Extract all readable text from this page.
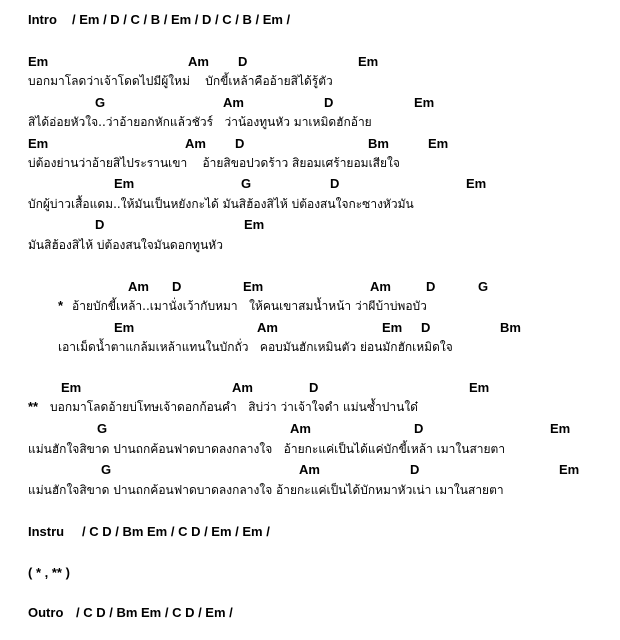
Intro / Em / D / C / B / Em / D / C / B / Em /
Em	Am D	Em
บอกมาโลดว่าเจ้าโดดไปมีผู้ใหม่    บักขี้เหล้าคืออ้ายสิได้รู้ตัว
G	Am	D	Em
สิได้อ่อยหัวใจ..ว่าอ้ายอกหักแล้วชัวร์   ว่าน้องทูนหัว มาเหมิดฮักอ้าย
Em	Am D	Bm	Em
บ่ต้องย่านว่าอ้ายสิไประรานเขา    อ้ายสิขอปวดร้าว สิยอมเศร้ายอมเสียใจ
Em	G	D	Em
บักผู้บ่าวเสื้อแดม..ให้มันเป็นหยังกะได้ มันสิฮ้องสิไห้ บ่ต้องสนใจกะซางหัวมัน
D	Em
มันสิฮ้องสิไห้ บ่ต้องสนใจมันดอกทูนหัว
Am D	Em	Am	D	G
* อ้ายบักขี้เหล้า..เมานั่งเว้ากับหมา   ให้คนเขาสมน้ำหน้า ว่าผีบ้าบ่พอบัว
Em	Am	Em D	Bm
เอาเม็ดน้ำตาแกล้มเหล้าแทนในบักถั่ว   คอบมันฮักเหมินตัว ย่อนมักฮักเหมิดใจ
Em	Am	D	Em
** บอกมาโลดอ้ายบ่โทษเจ้าดอกก้อนคำ   สิบ่ว่า ว่าเจ้าใจดำ แม่นซ้ำปานใด๋
G	Am	D	Em
แม่นฮักใจสิขาด ปานถกค้อนฟาดบาดลงกลางใจ   อ้ายกะแค่เป็นได้แค่บักขี้เหล้า เมาในสายตา
G	Am	D	Em
แม่นฮักใจสิขาด ปานถกค้อนฟาดบาดลงกลางใจ อ้ายกะแค่เป็นได้บักหมาหัวเน่า เมาในสายตา
Instru / C D / Bm Em / C D / Em / Em /
( * , ** )
Outro / C D / Bm Em / C D / Em /
